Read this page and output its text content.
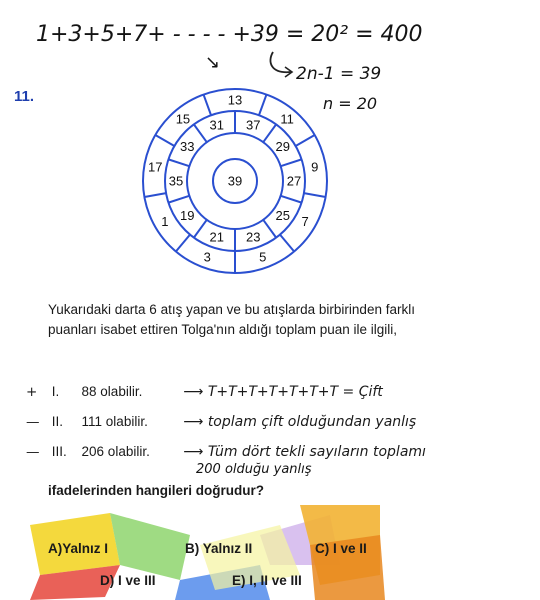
1+3+5+7+ - - - - +39 = 20² = 400
↘
2n-1 = 39
n = 20
11.	13
11
9
7
5
3
1
17
15	37
29
27
25
23
21
19
35
33
31
39
Yukarıdaki darta 6 atış yapan ve bu atışlarda birbirinden farklı puanları isabet ettiren Tolga'nın aldığı toplam puan ile ilgili,
+ I. 88 olabilir.	⟶ T+T+T+T+T+T+T = Çift
— II. 111 olabilir.	⟶ toplam çift olduğundan yanlış
— III. 206 olabilir. ⟶ Tüm dört tekli sayıların toplamı
200 olduğu yanlış
ifadelerinden hangileri doğrudur?
A)Yalnız I	B) Yalnız II	C) I ve II
D) I ve III	E) I, II ve III
